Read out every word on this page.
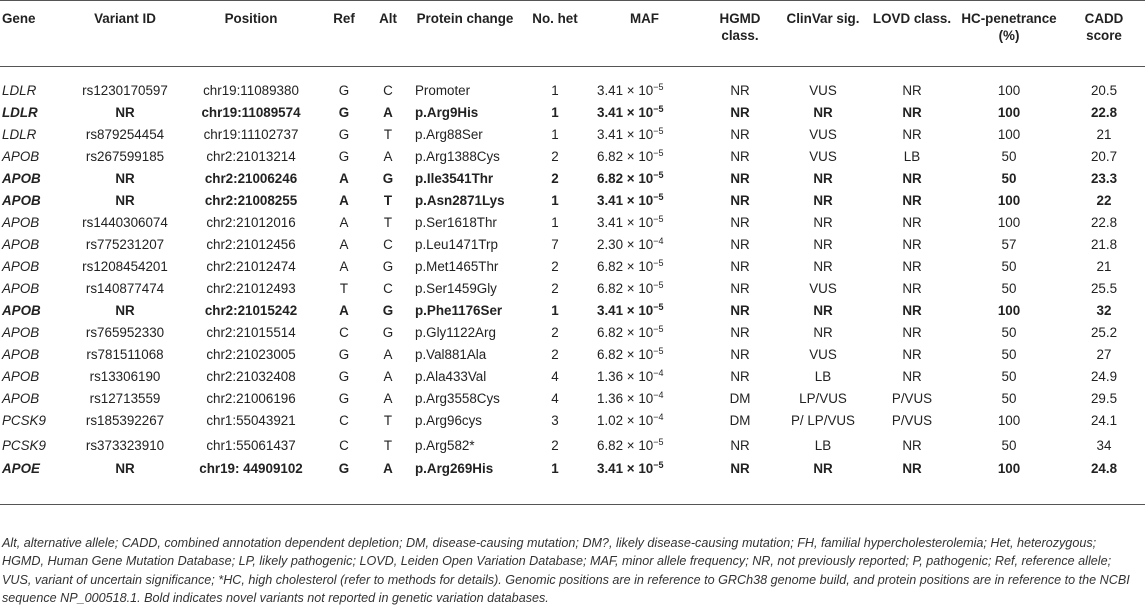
Gene	Variant ID	Position	Ref	Alt	Protein change	No. het	MAF	HGMD class.	ClinVar sig.	LOVD class.	HC-penetrance (%)	CADD score
LDLR	rs1230170597	chr19:11089380	G	C	Promoter	1	$3.41 \times 10^{-5}$	NR	VUS	NR	100	20.5
LDLR	NR	chr19:11089574	G	A	p.Arg9His	1	$3.41 \times 10^{-5}$	NR	NR	NR	100	22.8
LDLR	rs879254454	chr19:11102737	G	T	p.Arg88Ser	1	$3.41 \times 10^{-5}$	NR	VUS	NR	100	21
APOB	rs267599185	chr2:21013214	G	A	p.Arg1388Cys	2	$6.82 \times 10^{-5}$	NR	VUS	LB	50	20.7
APOB	NR	chr2:21006246	A	G	p.Ile3541Thr	2	$6.82 \times 10^{-5}$	NR	NR	NR	50	23.3
APOB	NR	chr2:21008255	A	T	p.Asn2871Lys	1	$3.41 \times 10^{-5}$	NR	NR	NR	100	22
APOB	rs1440306074	chr2:21012016	A	T	p.Ser1618Thr	1	$3.41 \times 10^{-5}$	NR	NR	NR	100	22.8
APOB	rs775231207	chr2:21012456	A	C	p.Leu1471Trp	7	$2.30 \times 10^{-4}$	NR	NR	NR	57	21.8
APOB	rs1208454201	chr2:21012474	A	G	p.Met1465Thr	2	$6.82 \times 10^{-5}$	NR	NR	NR	50	21
APOB	rs140877474	chr2:21012493	T	C	p.Ser1459Gly	2	$6.82 \times 10^{-5}$	NR	VUS	NR	50	25.5
APOB	NR	chr2:21015242	A	G	p.Phe1176Ser	1	$3.41 \times 10^{-5}$	NR	NR	NR	100	32
APOB	rs765952330	chr2:21015514	C	G	p.Gly1122Arg	2	$6.82 \times 10^{-5}$	NR	NR	NR	50	25.2
APOB	rs781511068	chr2:21023005	G	A	p.Val881Ala	2	$6.82 \times 10^{-5}$	NR	VUS	NR	50	27
APOB	rs13306190	chr2:21032408	G	A	p.Ala433Val	4	$1.36 \times 10^{-4}$	NR	LB	NR	50	24.9
APOB	rs12713559	chr2:21006196	G	A	p.Arg3558Cys	4	$1.36 \times 10^{-4}$	DM	LP/VUS	P/VUS	50	29.5
PCSK9	rs185392267	chr1:55043921	C	T	p.Arg96cys	3	$1.02 \times 10^{-4}$	DM	P/ LP/VUS	P/VUS	100	24.1
PCSK9	rs373323910	chr1:55061437	C	T	p.Arg582*	2	$6.82 \times 10^{-5}$	NR	LB	NR	50	34
APOE	NR	chr19: 44909102	G	A	p.Arg269His	1	$3.41 \times 10^{-5}$	NR	NR	NR	100	24.8

Alt, alternative allele; CADD, combined annotation dependent depletion; DM, disease-causing mutation; DM?, likely disease-causing mutation; FH, familial hypercholesterolemia; Het, heterozygous; HGMD, Human Gene Mutation Database; LP, likely pathogenic; LOVD, Leiden Open Variation Database; MAF, minor allele frequency; NR, not previously reported; P, pathogenic; Ref, reference allele; VUS, variant of uncertain significance; *HC, high cholesterol (refer to methods for details). Genomic positions are in reference to GRCh38 genome build, and protein positions are in reference to the NCBI sequence NP_000518.1. Bold indicates novel variants not reported in genetic variation databases.
